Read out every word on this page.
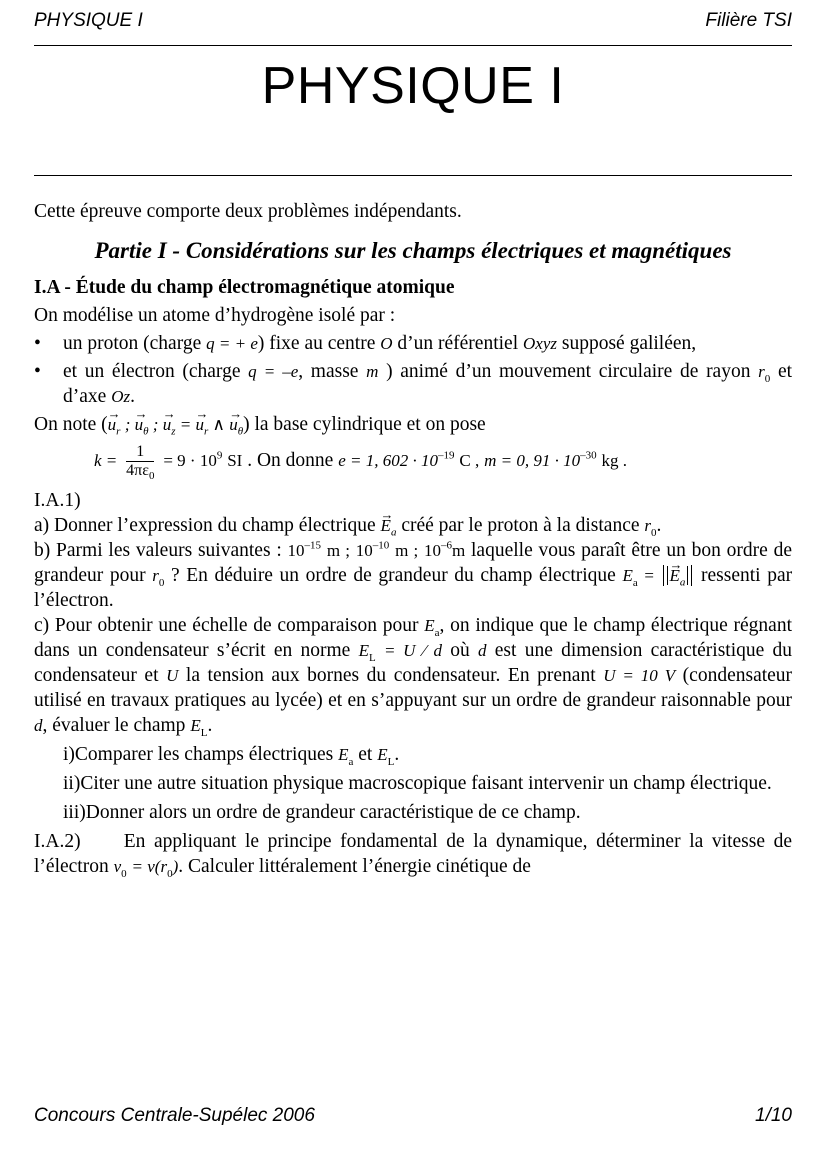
PHYSIQUE I	Filière TSI
PHYSIQUE I

Cette épreuve comporte deux problèmes indépendants.

Partie I - Considérations sur les champs électriques et magnétiques
I.A - Étude du champ électromagnétique atomique

On modélise un atome d’hydrogène isolé par :

• un proton (charge q = + e) fixe au centre O d’un référentiel Oxyz supposé galiléen,
• et un électron (charge q = –e, masse m ) animé d’un mouvement circulaire de rayon $r_0$ et d’axe Oz.

On note (→ $u_r$ ; → $u_\theta$ ; → $u_z$ = → $u_r$ ∧ → $u_\theta$) la base cylindrique et on pose

$k = \frac{1}{4\pi\varepsilon_0} = 9 \cdot 10^9$ SI . On donne e = 1, $602 \cdot 10^{-19}$ C , m = 0, $91 \cdot 10^{-30}$ kg .

I.A.1)

a) Donner l’expression du champ électrique → $E_a$ créé par le proton à la distance $r_0$.

b) Parmi les valeurs suivantes : $10^{-15}$ m ; $10^{-10}$ m ; $10^{-6}m$ laquelle vous paraît être un bon ordre de grandeur pour $r_0$ ? En déduire un ordre de grandeur du champ électrique $E_a$ = → $E_a$ ressenti par l’électron.

c) Pour obtenir une échelle de comparaison pour $E_a$, on indique que le champ électrique régnant dans un condensateur s’écrit en norme $E_L = U$ ⁄ d où d est une dimension caractéristique du condensateur et U la tension aux bornes du condensateur. En prenant U = 10 V (condensateur utilisé en travaux pratiques au lycée) et en s’appuyant sur un ordre de grandeur raisonnable pour d, évaluer le champ $E_L$.

i)Comparer les champs électriques $E_a$ et $E_L$.

ii)Citer une autre situation physique macroscopique faisant intervenir un champ électrique.

iii)Donner alors un ordre de grandeur caractéristique de ce champ.

I.A.2) En appliquant le principe fondamental de la dynamique, déterminer la vitesse de l’électron $v_0 = v(r_0)$. Calculer littéralement l’énergie cinétique de

Concours Centrale-Supélec 2006	1/10
